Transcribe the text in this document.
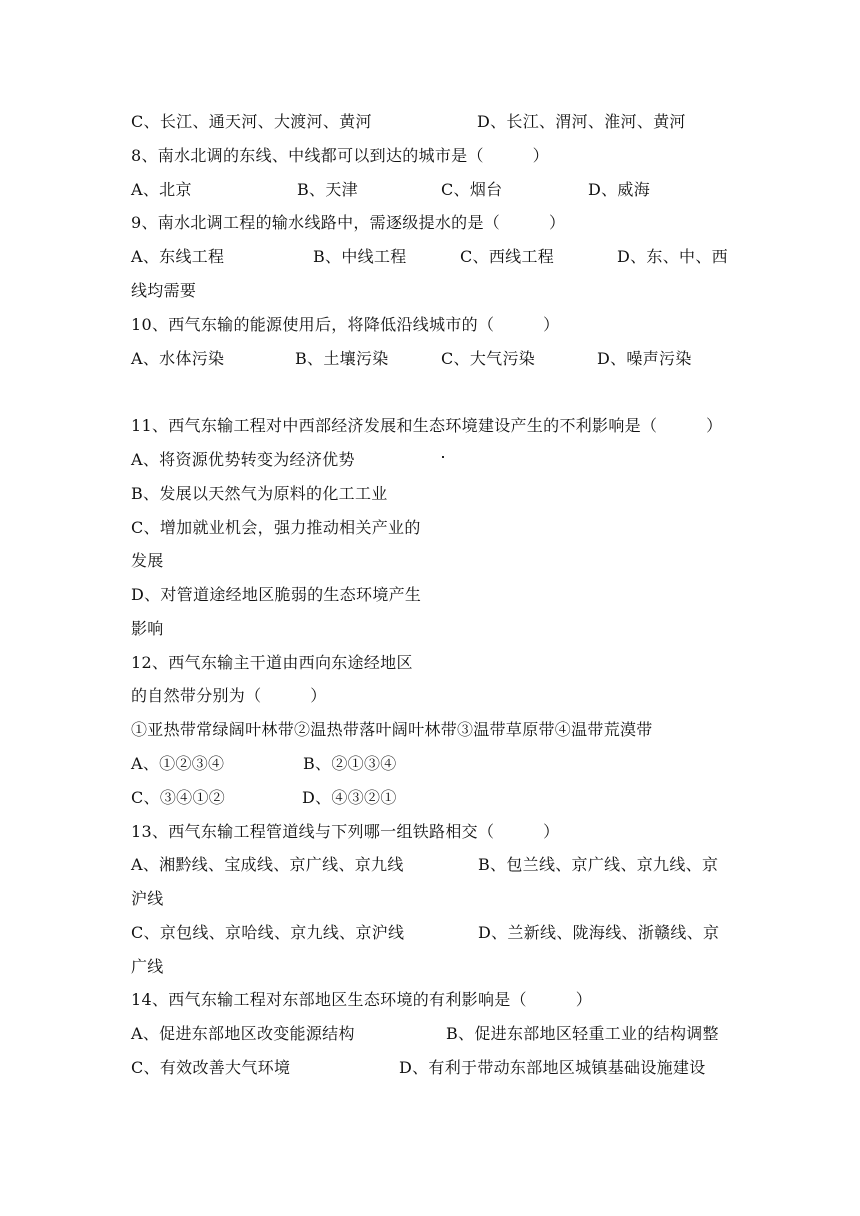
C、长江、通天河、大渡河、黄河	D、长江、渭河、淮河、黄河
8、南水北调的东线、中线都可以到达的城市是（　　　）
A、北京	B、天津	C、烟台	D、威海
9、南水北调工程的输水线路中，需逐级提水的是（　　　）
A、东线工程	B、中线工程	C、西线工程	D、东、中、西
线均需要
10、西气东输的能源使用后，将降低沿线城市的（　　　）
A、水体污染	B、土壤污染	C、大气污染	D、噪声污染
11、西气东输工程对中西部经济发展和生态环境建设产生的不利影响是（　　　）
A、将资源优势转变为经济优势
B、发展以天然气为原料的化工工业
C、增加就业机会，强力推动相关产业的
发展
D、对管道途经地区脆弱的生态环境产生
影响
12、西气东输主干道由西向东途经地区
的自然带分别为（　　　）
①亚热带常绿阔叶林带②温热带落叶阔叶林带③温带草原带④温带荒漠带
A、①②③④	B、②①③④
C、③④①②	D、④③②①
13、西气东输工程管道线与下列哪一组铁路相交（　　　）
A、湘黔线、宝成线、京广线、京九线	B、包兰线、京广线、京九线、京
沪线
C、京包线、京哈线、京九线、京沪线	D、兰新线、陇海线、浙赣线、京
广线
14、西气东输工程对东部地区生态环境的有利影响是（　　　）
A、促进东部地区改变能源结构	B、促进东部地区轻重工业的结构调整
C、有效改善大气环境	D、有利于带动东部地区城镇基础设施建设
